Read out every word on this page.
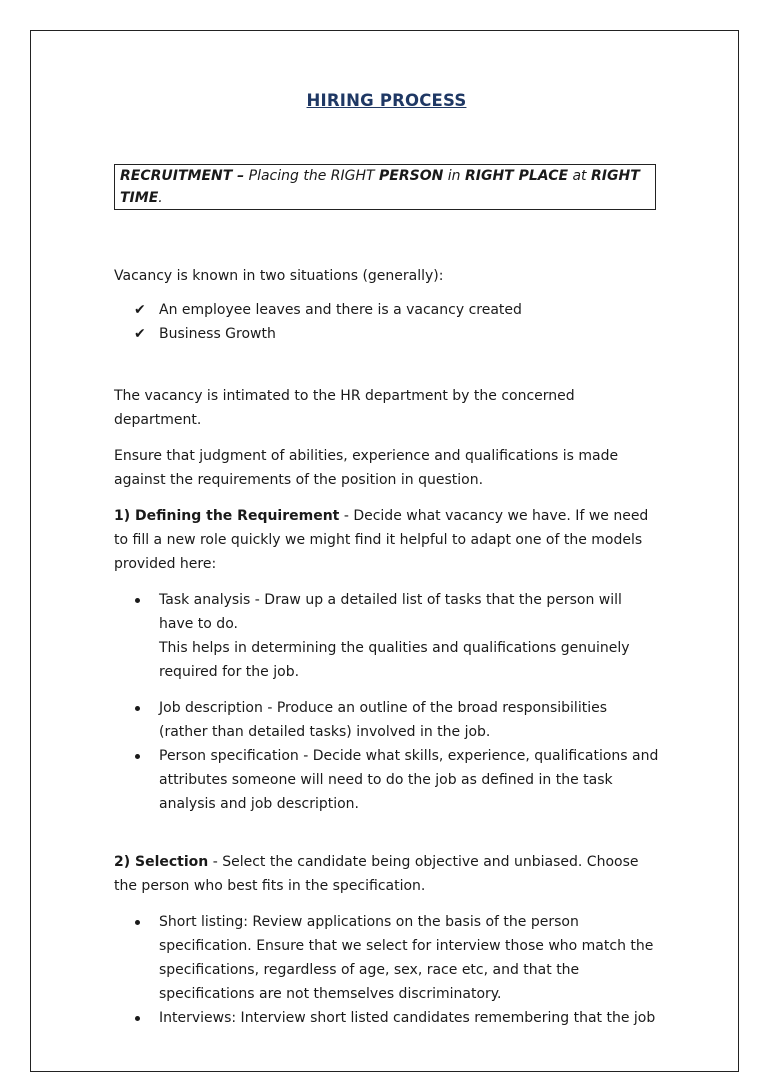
HIRING PROCESS
RECRUITMENT – Placing the RIGHT PERSON in RIGHT PLACE at RIGHT TIME.

Vacancy is known in two situations (generally):

✔ An employee leaves and there is a vacancy created
✔ Business Growth

The vacancy is intimated to the HR department by the concerned department.

Ensure that judgment of abilities, experience and qualifications is made against the requirements of the position in question.

1) Defining the Requirement - Decide what vacancy we have. If we need to fill a new role quickly we might find it helpful to adapt one of the models provided here:

Task analysis - Draw up a detailed list of tasks that the person will have to do.
This helps in determining the qualities and qualifications genuinely required for the job.
Job description - Produce an outline of the broad responsibilities (rather than detailed tasks) involved in the job.
Person specification - Decide what skills, experience, qualifications and attributes someone will need to do the job as defined in the task analysis and job description.

2) Selection - Select the candidate being objective and unbiased. Choose the person who best fits in the specification.

Short listing: Review applications on the basis of the person specification. Ensure that we select for interview those who match the specifications, regardless of age, sex, race etc, and that the specifications are not themselves discriminatory.
Interviews: Interview short listed candidates remembering that the job
